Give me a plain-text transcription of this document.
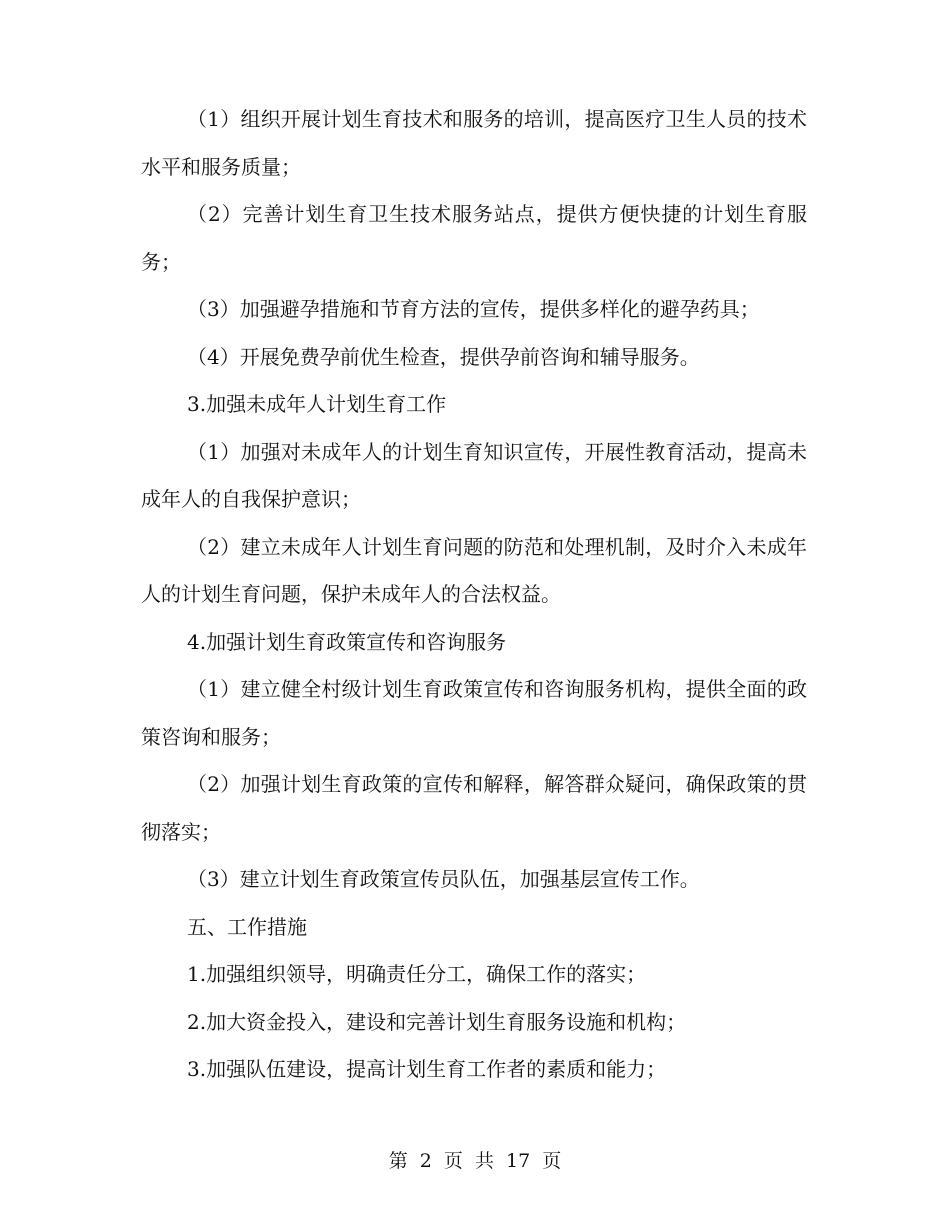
（1）组织开展计划生育技术和服务的培训，提高医疗卫生人员的技术水平和服务质量；

（2）完善计划生育卫生技术服务站点，提供方便快捷的计划生育服务；

（3）加强避孕措施和节育方法的宣传，提供多样化的避孕药具；

（4）开展免费孕前优生检查，提供孕前咨询和辅导服务。

3.加强未成年人计划生育工作

（1）加强对未成年人的计划生育知识宣传，开展性教育活动，提高未成年人的自我保护意识；

（2）建立未成年人计划生育问题的防范和处理机制，及时介入未成年人的计划生育问题，保护未成年人的合法权益。

4.加强计划生育政策宣传和咨询服务

（1）建立健全村级计划生育政策宣传和咨询服务机构，提供全面的政策咨询和服务；

（2）加强计划生育政策的宣传和解释，解答群众疑问，确保政策的贯彻落实；

（3）建立计划生育政策宣传员队伍，加强基层宣传工作。

五、工作措施

1.加强组织领导，明确责任分工，确保工作的落实；

2.加大资金投入，建设和完善计划生育服务设施和机构；

3.加强队伍建设，提高计划生育工作者的素质和能力；

第 2 页 共 17 页
